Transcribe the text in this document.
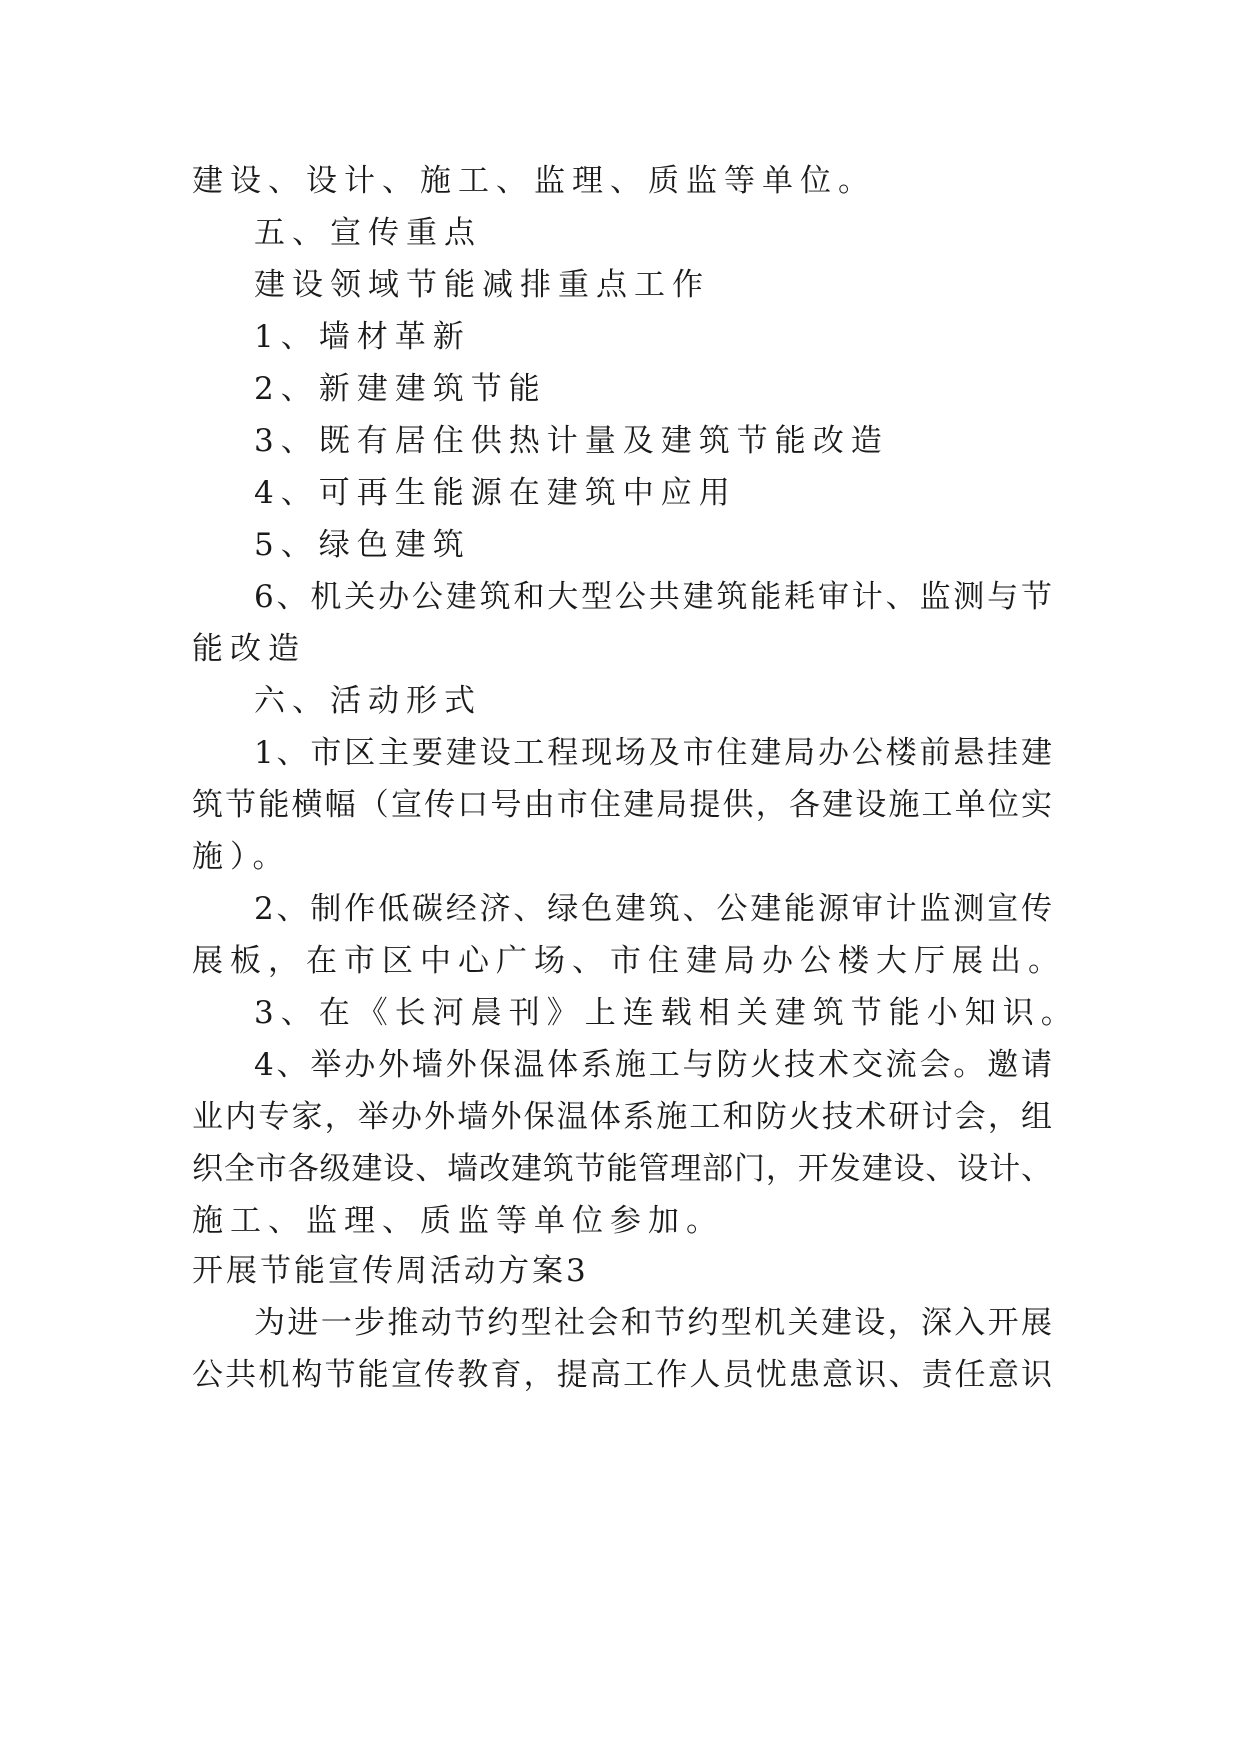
建设、设计、施工、监理、质监等单位。
五、宣传重点
建设领域节能减排重点工作
1、墙材革新
2、新建建筑节能
3、既有居住供热计量及建筑节能改造
4、可再生能源在建筑中应用
5、绿色建筑
6、机关办公建筑和大型公共建筑能耗审计、监测与节
能改造
六、活动形式
1、市区主要建设工程现场及市住建局办公楼前悬挂建
筑节能横幅（宣传口号由市住建局提供，各建设施工单位实
施）。
2、制作低碳经济、绿色建筑、公建能源审计监测宣传
展板，在市区中心广场、市住建局办公楼大厅展出。
3、在《长河晨刊》上连载相关建筑节能小知识。
4、举办外墙外保温体系施工与防火技术交流会。邀请
业内专家，举办外墙外保温体系施工和防火技术研讨会，组
织全市各级建设、墙改建筑节能管理部门，开发建设、设计、
施工、监理、质监等单位参加。
开展节能宣传周活动方案3
为进一步推动节约型社会和节约型机关建设，深入开展
公共机构节能宣传教育，提高工作人员忧患意识、责任意识
